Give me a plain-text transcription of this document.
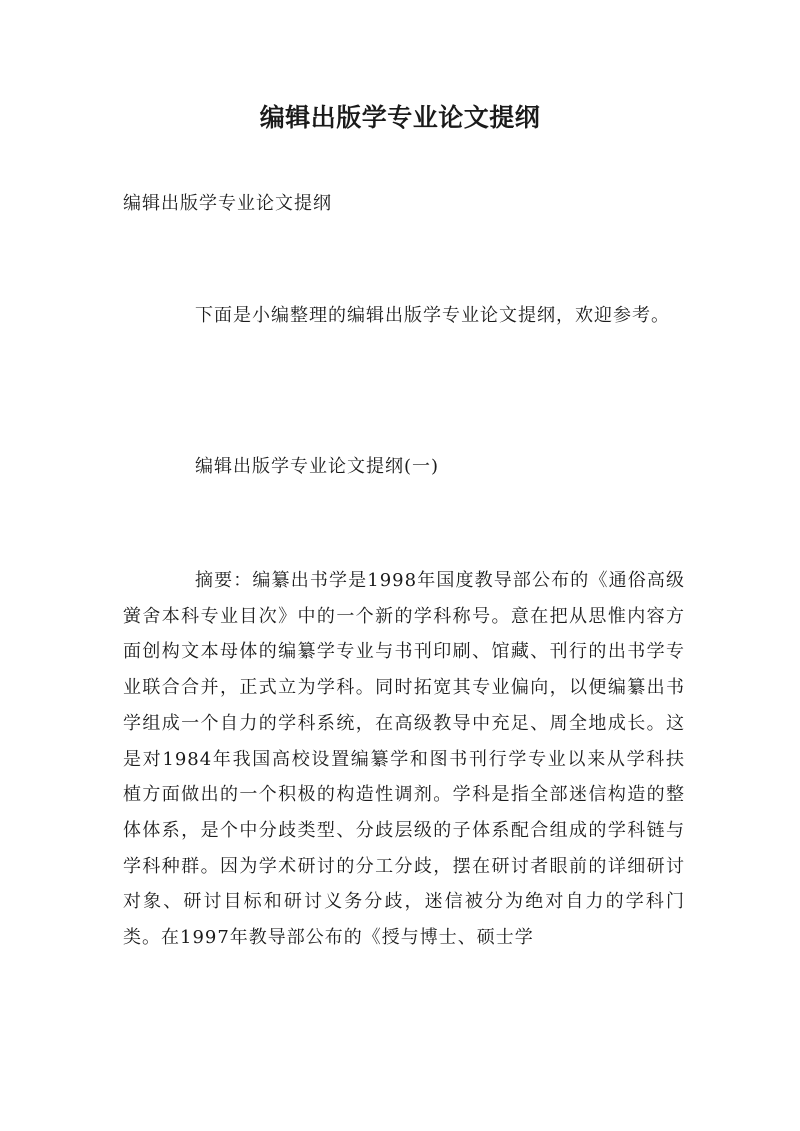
编辑出版学专业论文提纲

编辑出版学专业论文提纲

下面是小编整理的编辑出版学专业论文提纲，欢迎参考。

编辑出版学专业论文提纲(一)

摘要：编纂出书学是1998年国度教导部公布的《通俗高级黉舍本科专业目次》中的一个新的学科称号。意在把从思惟内容方面创构文本母体的编纂学专业与书刊印刷、馆藏、刊行的出书学专业联合合并，正式立为学科。同时拓宽其专业偏向，以便编纂出书学组成一个自力的学科系统，在高级教导中充足、周全地成长。这是对1984年我国高校设置编纂学和图书刊行学专业以来从学科扶植方面做出的一个积极的构造性调剂。学科是指全部迷信构造的整体体系，是个中分歧类型、分歧层级的子体系配合组成的学科链与学科种群。因为学术研讨的分工分歧，摆在研讨者眼前的详细研讨对象、研讨目标和研讨义务分歧，迷信被分为绝对自力的学科门类。在1997年教导部公布的《授与博士、硕士学
